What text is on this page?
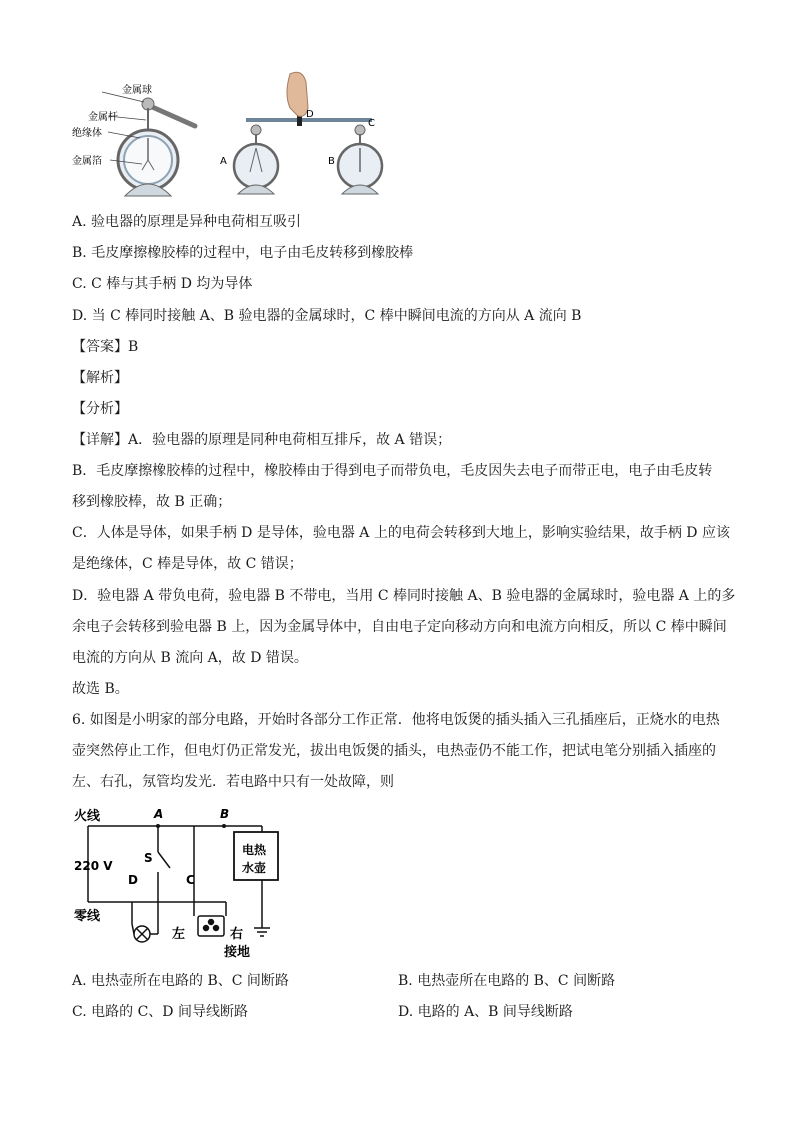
金属球
金属杆
绝缘体
金属箔
D
C
A	B
A. 验电器的原理是异种电荷相互吸引
B. 毛皮摩擦橡胶棒的过程中，电子由毛皮转移到橡胶棒
C. C 棒与其手柄 D 均为导体
D. 当 C 棒同时接触 A、B 验电器的金属球时，C 棒中瞬间电流的方向从 A 流向 B
【答案】B
【解析】
【分析】
【详解】A．验电器的原理是同种电荷相互排斥，故 A 错误；
B．毛皮摩擦橡胶棒的过程中，橡胶棒由于得到电子而带负电，毛皮因失去电子而带正电，电子由毛皮转
移到橡胶棒，故 B 正确；
C．人体是导体，如果手柄 D 是导体，验电器 A 上的电荷会转移到大地上，影响实验结果，故手柄 D 应该
是绝缘体，C 棒是导体，故 C 错误；
D．验电器 A 带负电荷，验电器 B 不带电，当用 C 棒同时接触 A、B 验电器的金属球时，验电器 A 上的多
余电子会转移到验电器 B 上，因为金属导体中，自由电子定向移动方向和电流方向相反，所以 C 棒中瞬间
电流的方向从 B 流向 A，故 D 错误。
故选 B。
6. 如图是小明家的部分电路，开始时各部分工作正常．他将电饭煲的插头插入三孔插座后，正烧水的电热
壶突然停止工作，但电灯仍正常发光，拔出电饭煲的插头，电热壶仍不能工作，把试电笔分别插入插座的
左、右孔，氖管均发光．若电路中只有一处故障，则
火线
220 V
零线
A	B
S
D	C
电热
水壶
左	右
接地
A. 电热壶所在电路的 B、C 间断路	B. 电热壶所在电路的 B、C 间断路
C. 电路的 C、D 间导线断路	D. 电路的 A、B 间导线断路
